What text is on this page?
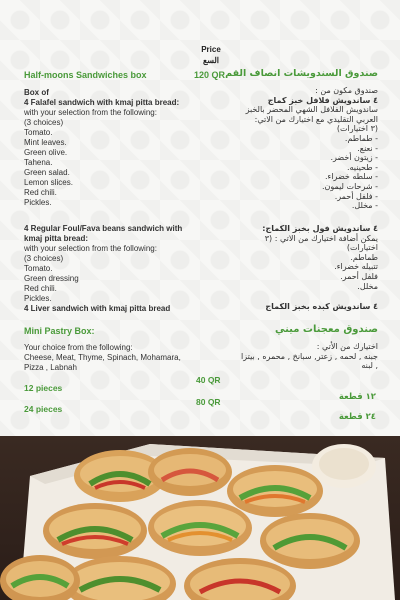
Price
السع
Half-moons Sandwiches box	120 QR صندوق السندويشات انصاف القم
Box of
4 Falafel sandwich with kmaj pitta bread:
with your selection from the following:
(3 choices)
Tomato.
Mint leaves.
Green olive.
Tahena.
Green salad.
Lemon slices.
Red chili.
Pickles.
4 Regular Foul/Fava beans sandwich with
kmaj pitta bread:
with your selection from the following:
(3 choices)
Tomato.
Green dressing
Red chili.
Pickles.
4 Liver sandwich with kmaj pitta bread
صندوق مكون من :
٤ ساندويش فلافل خبز كماج
ساندويش الفلافل الشهي المحضر بالخبز
العربي التقليدي مع اختيارك من الاتي:
(٣ اختيارات)
- طماطم.
- نعنع.
- زيتون أخضر.
- طحينيه.
- سلطه خضراء.
- شرحات ليمون.
- فلفل أحمر.
- مخلل.
٤ ساندويش فول بخبز الكماج:
يمكن أضافة اختيارك من الاتي : (٣
اختيارات)
طماطم.
تتبيله خضراء.
فلفل أحمر.
مخلل.
٤ ساندويش كبده بخبز الكماج
Mini Pastry Box:	صندوق معجنات ميني
Your choice from the following:
Cheese, Meat, Thyme, Spinach, Mohamara,
Pizza , Labnah
اختيارك من الأتي :
جبنه , لحمه , زعتر, سبانخ , محمره , بيتزا
, لبنه
40 QR
12 pieces
١٢ قطعة
80 QR
24 pieces
٢٤ قطعة
